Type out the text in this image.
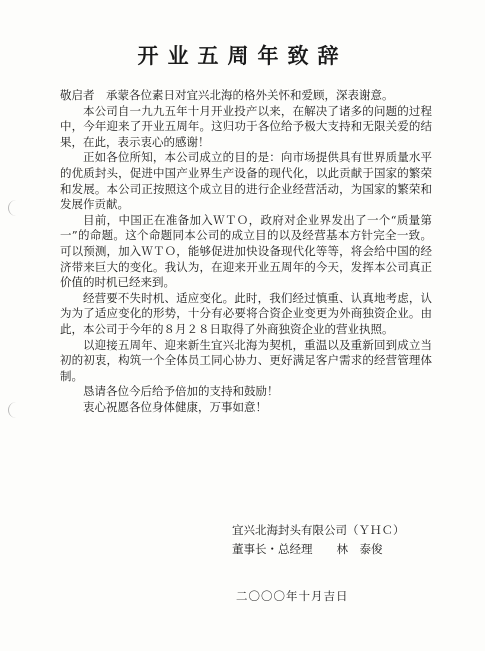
开业五周年致辞

敬启者　承蒙各位素日对宜兴北海的格外关怀和爱顾，深表谢意。

本公司自一九九五年十月开业投产以来，在解决了诸多的问题的过程中，今年迎来了开业五周年。这归功于各位给予极大支持和无限关爱的结果，在此，表示衷心的感谢！

正如各位所知，本公司成立的目的是：向市场提供具有世界质量水平的优质封头，促进中国产业界生产设备的现代化，以此贡献于国家的繁荣和发展。本公司正按照这个成立目的进行企业经营活动，为国家的繁荣和发展作贡献。

目前，中国正在准备加入ＷＴＯ，政府对企业界发出了一个“质量第一”的命题。这个命题同本公司的成立目的以及经营基本方针完全一致。可以预测，加入ＷＴＯ，能够促进加快设备现代化等等，将会给中国的经济带来巨大的变化。我认为，在迎来开业五周年的今天，发挥本公司真正价值的时机已经来到。

经营要不失时机、适应变化。此时，我们经过慎重、认真地考虑，认为为了适应变化的形势，十分有必要将合资企业变更为外商独资企业。由此，本公司于今年的８月２８日取得了外商独资企业的营业执照。

以迎接五周年、迎来新生宜兴北海为契机，重温以及重新回到成立当初的初衷，构筑一个全体员工同心协力、更好满足客户需求的经营管理体制。

恳请各位今后给予倍加的支持和鼓励！

衷心祝愿各位身体健康，万事如意！

宜兴北海封头有限公司（ＹＨＣ）
董事长・总经理 林　泰俊
二〇〇〇年十月吉日
